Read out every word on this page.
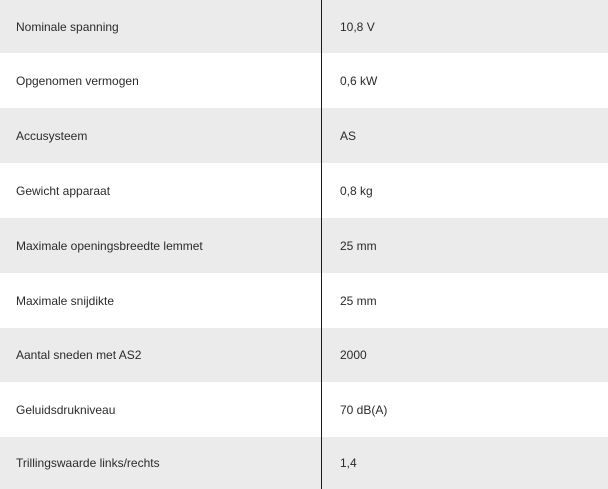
Nominale spanning	10,8 V
Opgenomen vermogen	0,6 kW
Accusysteem	AS
Gewicht apparaat	0,8 kg
Maximale openingsbreedte lemmet	25 mm
Maximale snijdikte	25 mm
Aantal sneden met AS2	2000
Geluidsdrukniveau	70 dB(A)
Trillingswaarde links/rechts	1,4
